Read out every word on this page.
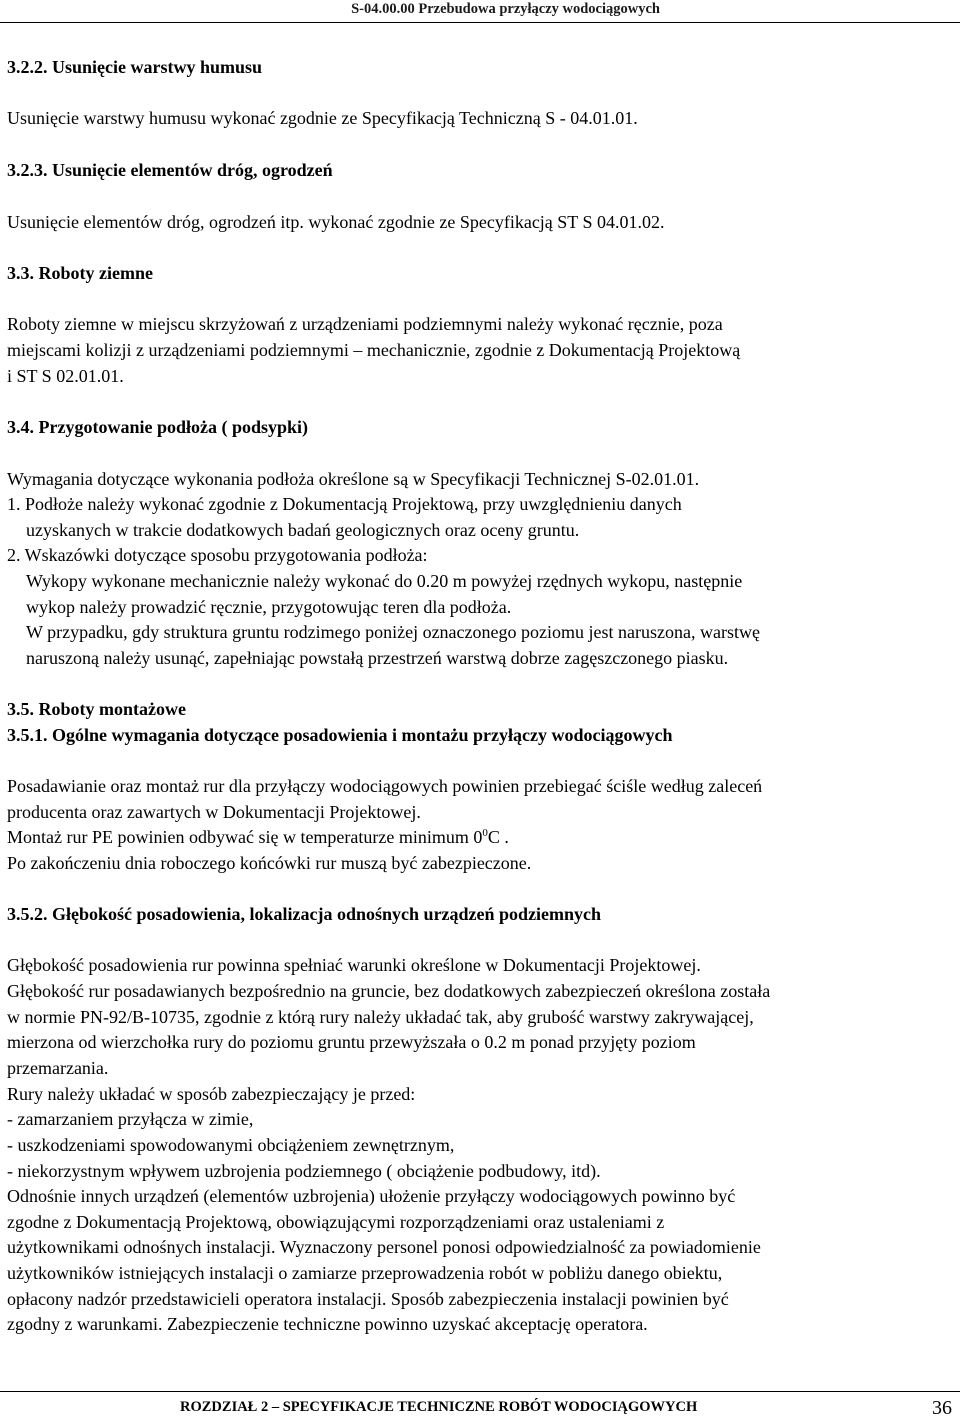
S-04.00.00 Przebudowa przyłączy wodociągowych
3.2.2. Usunięcie warstwy humusu
Usunięcie warstwy humusu wykonać zgodnie ze Specyfikacją Techniczną S - 04.01.01.
3.2.3. Usunięcie elementów dróg, ogrodzeń
Usunięcie elementów dróg, ogrodzeń itp. wykonać zgodnie ze Specyfikacją ST S 04.01.02.
3.3. Roboty ziemne
Roboty ziemne w miejscu skrzyżowań z urządzeniami podziemnymi należy wykonać ręcznie, poza
miejscami kolizji z urządzeniami podziemnymi – mechanicznie, zgodnie z Dokumentacją Projektową
i ST S 02.01.01.
3.4. Przygotowanie podłoża ( podsypki)
Wymagania dotyczące wykonania podłoża określone są w Specyfikacji Technicznej S-02.01.01.
1. Podłoże należy wykonać zgodnie z Dokumentacją Projektową, przy uwzględnieniu danych
uzyskanych w trakcie dodatkowych badań geologicznych oraz oceny gruntu.
2. Wskazówki dotyczące sposobu przygotowania podłoża:
Wykopy wykonane mechanicznie należy wykonać do 0.20 m powyżej rzędnych wykopu, następnie
wykop należy prowadzić ręcznie, przygotowując teren dla podłoża.
W przypadku, gdy struktura gruntu rodzimego poniżej oznaczonego poziomu jest naruszona, warstwę
naruszoną należy usunąć, zapełniając powstałą przestrzeń warstwą dobrze zagęszczonego piasku.
3.5. Roboty montażowe
3.5.1. Ogólne wymagania dotyczące posadowienia i montażu przyłączy wodociągowych
Posadawianie oraz montaż rur dla przyłączy wodociągowych powinien przebiegać ściśle według zaleceń
producenta oraz zawartych w Dokumentacji Projektowej.
Montaż rur PE powinien odbywać się w temperaturze minimum $0^0C$ .
Po zakończeniu dnia roboczego końcówki rur muszą być zabezpieczone.
3.5.2. Głębokość posadowienia, lokalizacja odnośnych urządzeń podziemnych
Głębokość posadowienia rur powinna spełniać warunki określone w Dokumentacji Projektowej.
Głębokość rur posadawianych bezpośrednio na gruncie, bez dodatkowych zabezpieczeń określona została
w normie PN-92/B-10735, zgodnie z którą rury należy układać tak, aby grubość warstwy zakrywającej,
mierzona od wierzchołka rury do poziomu gruntu przewyższała o 0.2 m ponad przyjęty poziom
przemarzania.
Rury należy układać w sposób zabezpieczający je przed:
- zamarzaniem przyłącza w zimie,
- uszkodzeniami spowodowanymi obciążeniem zewnętrznym,
- niekorzystnym wpływem uzbrojenia podziemnego ( obciążenie podbudowy, itd).
Odnośnie innych urządzeń (elementów uzbrojenia) ułożenie przyłączy wodociągowych powinno być
zgodne z Dokumentacją Projektową, obowiązującymi rozporządzeniami oraz ustaleniami z
użytkownikami odnośnych instalacji. Wyznaczony personel ponosi odpowiedzialność za powiadomienie
użytkowników istniejących instalacji o zamiarze przeprowadzenia robót w pobliżu danego obiektu,
opłacony nadzór przedstawicieli operatora instalacji. Sposób zabezpieczenia instalacji powinien być
zgodny z warunkami. Zabezpieczenie techniczne powinno uzyskać akceptację operatora.
ROZDZIAŁ 2 – SPECYFIKACJE TECHNICZNE ROBÓT WODOCIĄGOWYCH	36
